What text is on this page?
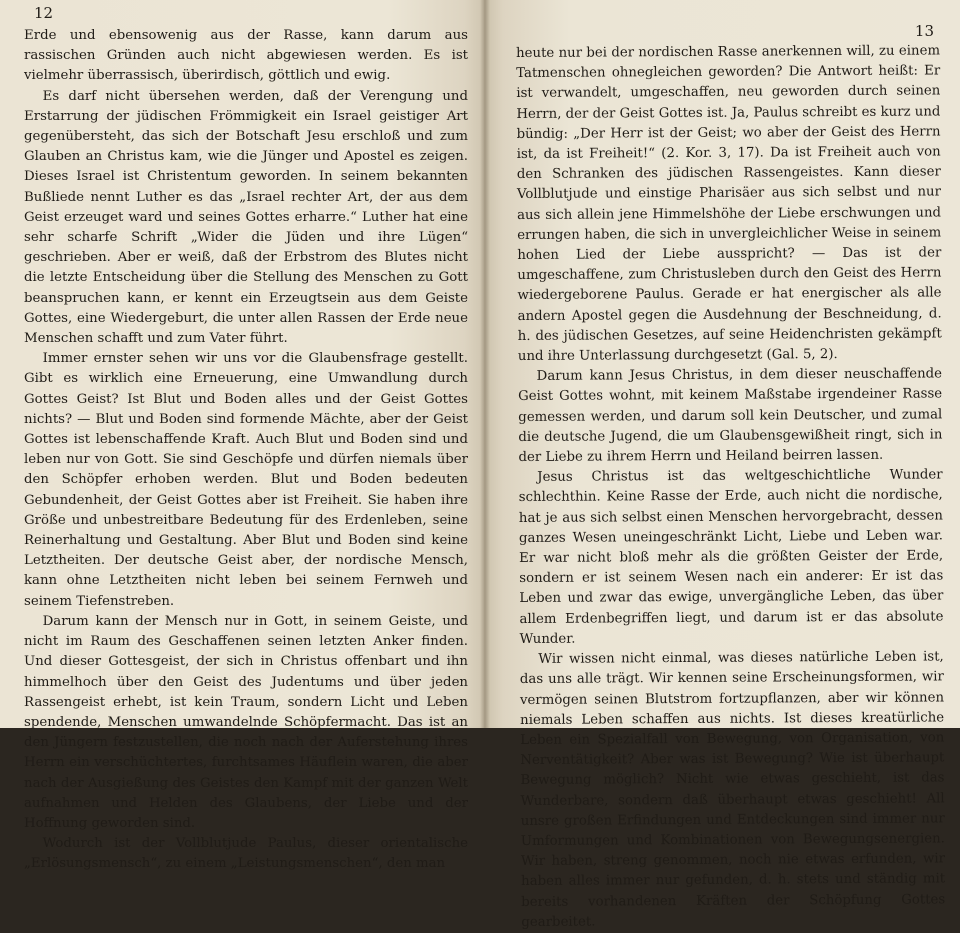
12

Erde und ebensowenig aus der Rasse, kann darum aus rassischen Gründen auch nicht abgewiesen werden. Es ist vielmehr überrassisch, überirdisch, göttlich und ewig.

Es darf nicht übersehen werden, daß der Verengung und Erstarrung der jüdischen Frömmigkeit ein Israel geistiger Art gegenübersteht, das sich der Botschaft Jesu erschloß und zum Glauben an Christus kam, wie die Jünger und Apostel es zeigen. Dieses Israel ist Christentum geworden. In seinem bekannten Bußliede nennt Luther es das „Israel rechter Art, der aus dem Geist erzeuget ward und seines Gottes erharre.“ Luther hat eine sehr scharfe Schrift „Wider die Jüden und ihre Lügen“ geschrieben. Aber er weiß, daß der Erbstrom des Blutes nicht die letzte Entscheidung über die Stellung des Menschen zu Gott beanspruchen kann, er kennt ein Erzeugtsein aus dem Geiste Gottes, eine Wiedergeburt, die unter allen Rassen der Erde neue Menschen schafft und zum Vater führt.

Immer ernster sehen wir uns vor die Glaubensfrage gestellt. Gibt es wirklich eine Erneuerung, eine Umwandlung durch Gottes Geist? Ist Blut und Boden alles und der Geist Gottes nichts? — Blut und Boden sind formende Mächte, aber der Geist Gottes ist lebenschaffende Kraft. Auch Blut und Boden sind und leben nur von Gott. Sie sind Geschöpfe und dürfen niemals über den Schöpfer erhoben werden. Blut und Boden bedeuten Gebundenheit, der Geist Gottes aber ist Freiheit. Sie haben ihre Größe und unbestreitbare Bedeutung für des Erdenleben, seine Reinerhaltung und Gestaltung. Aber Blut und Boden sind keine Letztheiten. Der deutsche Geist aber, der nordische Mensch, kann ohne Letztheiten nicht leben bei seinem Fernweh und seinem Tiefenstreben.

Darum kann der Mensch nur in Gott, in seinem Geiste, und nicht im Raum des Geschaffenen seinen letzten Anker finden. Und dieser Gottesgeist, der sich in Christus offenbart und ihn himmelhoch über den Geist des Judentums und über jeden Rassengeist erhebt, ist kein Traum, sondern Licht und Leben spendende, Menschen umwandelnde Schöpfermacht. Das ist an den Jüngern festzustellen, die noch nach der Auferstehung ihres Herrn ein verschüchtertes, furchtsames Häuflein waren, die aber nach der Ausgießung des Geistes den Kampf mit der ganzen Welt aufnahmen und Helden des Glaubens, der Liebe und der Hoffnung geworden sind.

Wodurch ist der Vollblutjude Paulus, dieser orientalische „Erlösungsmensch“, zu einem „Leistungsmenschen“, den man

13

heute nur bei der nordischen Rasse anerkennen will, zu einem Tatmenschen ohnegleichen geworden? Die Antwort heißt: Er ist verwandelt, umgeschaffen, neu geworden durch seinen Herrn, der der Geist Gottes ist. Ja, Paulus schreibt es kurz und bündig: „Der Herr ist der Geist; wo aber der Geist des Herrn ist, da ist Freiheit!“ (2. Kor. 3, 17). Da ist Freiheit auch von den Schranken des jüdischen Rassengeistes. Kann dieser Vollblutjude und einstige Pharisäer aus sich selbst und nur aus sich allein jene Himmelshöhe der Liebe erschwungen und errungen haben, die sich in unvergleichlicher Weise in seinem hohen Lied der Liebe ausspricht? — Das ist der umgeschaffene, zum Christusleben durch den Geist des Herrn wiedergeborene Paulus. Gerade er hat energischer als alle andern Apostel gegen die Ausdehnung der Beschneidung, d. h. des jüdischen Gesetzes, auf seine Heidenchristen gekämpft und ihre Unterlassung durchgesetzt (Gal. 5, 2).

Darum kann Jesus Christus, in dem dieser neuschaffende Geist Gottes wohnt, mit keinem Maßstabe irgendeiner Rasse gemessen werden, und darum soll kein Deutscher, und zumal die deutsche Jugend, die um Glaubensgewißheit ringt, sich in der Liebe zu ihrem Herrn und Heiland beirren lassen.

Jesus Christus ist das weltgeschichtliche Wunder schlechthin. Keine Rasse der Erde, auch nicht die nordische, hat je aus sich selbst einen Menschen hervorgebracht, dessen ganzes Wesen uneingeschränkt Licht, Liebe und Leben war. Er war nicht bloß mehr als die größten Geister der Erde, sondern er ist seinem Wesen nach ein anderer: Er ist das Leben und zwar das ewige, unvergängliche Leben, das über allem Erdenbegriffen liegt, und darum ist er das absolute Wunder.

Wir wissen nicht einmal, was dieses natürliche Leben ist, das uns alle trägt. Wir kennen seine Erscheinungsformen, wir vermögen seinen Blutstrom fortzupflanzen, aber wir können niemals Leben schaffen aus nichts. Ist dieses kreatürliche Leben ein Spezialfall von Bewegung, von Organisation, von Nerventätigkeit? Aber was ist Bewegung? Wie ist überhaupt Bewegung möglich? Nicht wie etwas geschieht, ist das Wunderbare, sondern daß überhaupt etwas geschieht! All unsre großen Erfindungen und Entdeckungen sind immer nur Umformungen und Kombinationen von Bewegungsenergien. Wir haben, streng genommen, noch nie etwas erfunden, wir haben alles immer nur gefunden, d. h. stets und ständig mit bereits vorhandenen Kräften der Schöpfung Gottes gearbeitet.
